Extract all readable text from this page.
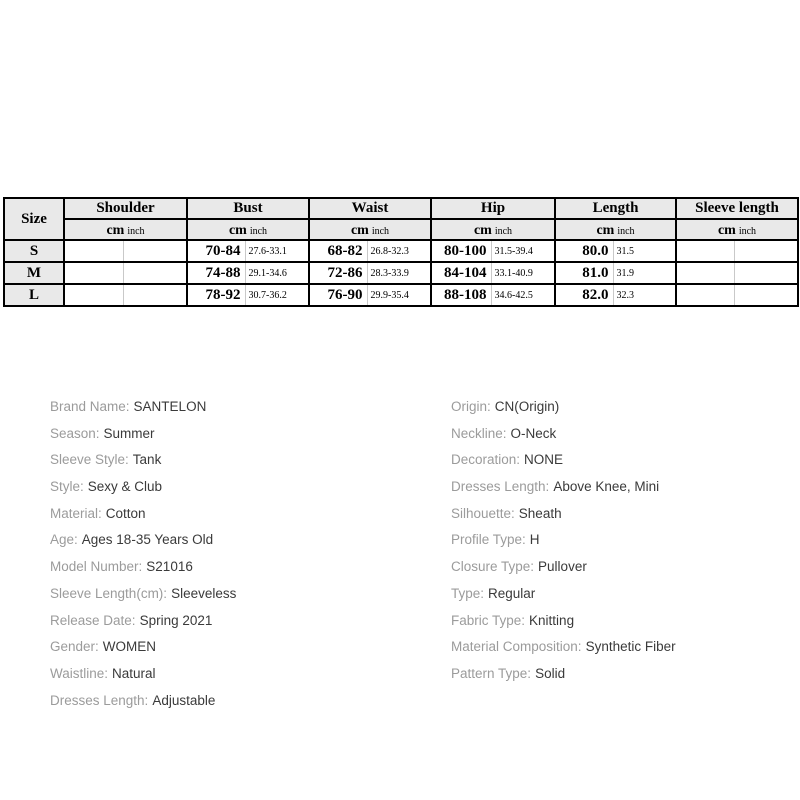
Size	Shoulder		Bust		Waist		Hip		Length		Sleeve length	
	cm inch		cm inch		cm inch		cm inch		cm inch		cm inch	
S			70-84	27.6-33.1	68-82	26.8-32.3	80-100	31.5-39.4	80.0	31.5		
M			74-88	29.1-34.6	72-86	28.3-33.9	84-104	33.1-40.9	81.0	31.9		
L			78-92	30.7-36.2	76-90	29.9-35.4	88-108	34.6-42.5	82.0	32.3		
Brand Name: SANTELON
Season: Summer
Sleeve Style: Tank
Style: Sexy & Club
Material: Cotton
Age: Ages 18-35 Years Old
Model Number: S21016
Sleeve Length(cm): Sleeveless
Release Date: Spring 2021
Gender: WOMEN
Waistline: Natural
Dresses Length: Adjustable
Origin: CN(Origin)
Neckline: O-Neck
Decoration: NONE
Dresses Length: Above Knee, Mini
Silhouette: Sheath
Profile Type: H
Closure Type: Pullover
Type: Regular
Fabric Type: Knitting
Material Composition: Synthetic Fiber
Pattern Type: Solid
